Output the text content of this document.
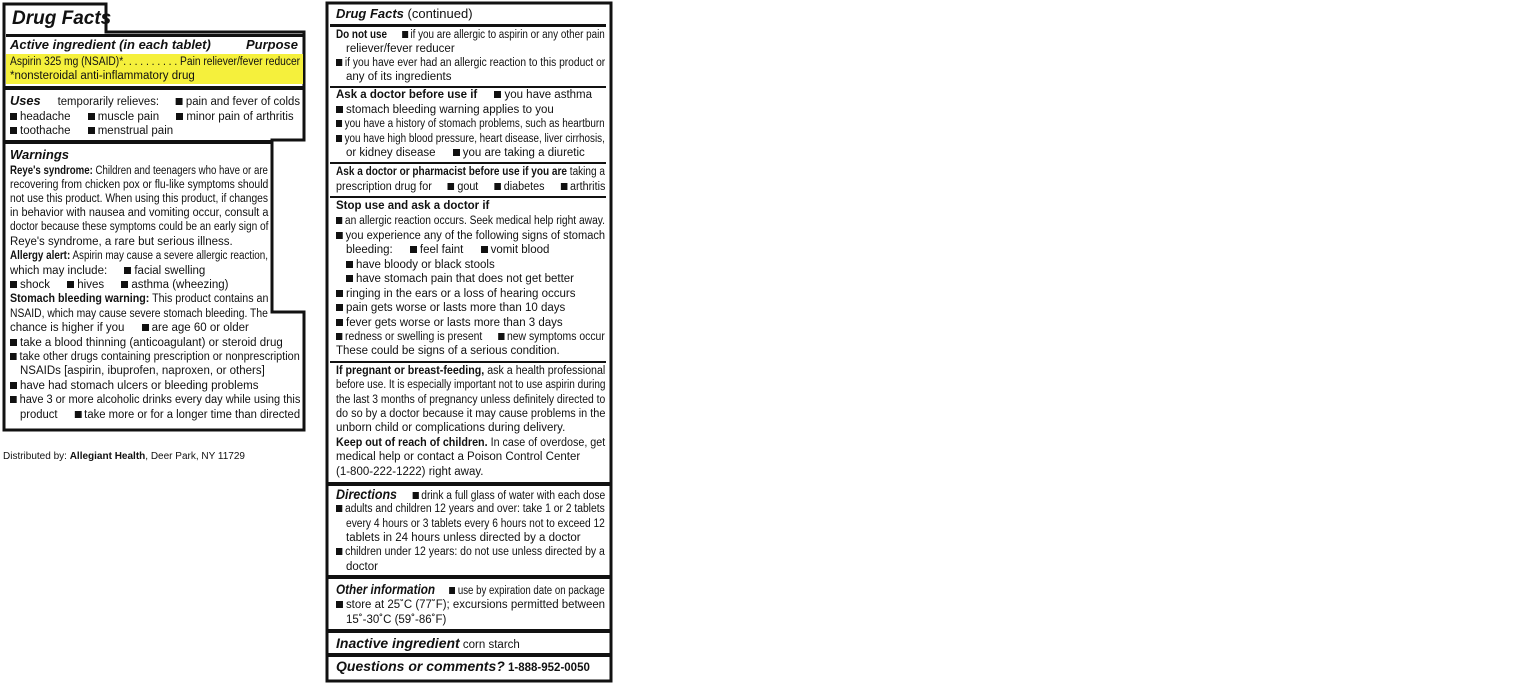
Drug Facts
Active ingredient (in each tablet)	Purpose
Aspirin 325 mg (NSAID)*. . . . . . . . . . Pain reliever/fever reducer
*nonsteroidal anti-inflammatory drug
Uses temporarily relieves: pain and fever of colds
headache muscle pain minor pain of arthritis
toothache menstrual pain
Warnings
Reye's syndrome: Children and teenagers who have or are
recovering from chicken pox or flu-like symptoms should
not use this product. When using this product, if changes
in behavior with nausea and vomiting occur, consult a
doctor because these symptoms could be an early sign of
Reye's syndrome, a rare but serious illness.
Allergy alert: Aspirin may cause a severe allergic reaction,
which may include: facial swelling
shock hives asthma (wheezing)
Stomach bleeding warning: This product contains an
NSAID, which may cause severe stomach bleeding. The
chance is higher if you are age 60 or older
take a blood thinning (anticoagulant) or steroid drug
take other drugs containing prescription or nonprescription
NSAIDs [aspirin, ibuprofen, naproxen, or others]
have had stomach ulcers or bleeding problems
have 3 or more alcoholic drinks every day while using this
product take more or for a longer time than directed
Distributed by: Allegiant Health, Deer Park, NY 11729
Drug Facts (continued)
Do not use if you are allergic to aspirin or any other pain
reliever/fever reducer
if you have ever had an allergic reaction to this product or
any of its ingredients
Ask a doctor before use if you have asthma
stomach bleeding warning applies to you
you have a history of stomach problems, such as heartburn
you have high blood pressure, heart disease, liver cirrhosis,
or kidney disease you are taking a diuretic
Ask a doctor or pharmacist before use if you are taking a
prescription drug for gout diabetes arthritis
Stop use and ask a doctor if
an allergic reaction occurs. Seek medical help right away.
you experience any of the following signs of stomach
bleeding: feel faint vomit blood
have bloody or black stools
have stomach pain that does not get better
ringing in the ears or a loss of hearing occurs
pain gets worse or lasts more than 10 days
fever gets worse or lasts more than 3 days
redness or swelling is present new symptoms occur
These could be signs of a serious condition.
If pregnant or breast-feeding, ask a health professional
before use. It is especially important not to use aspirin during
the last 3 months of pregnancy unless definitely directed to
do so by a doctor because it may cause problems in the
unborn child or complications during delivery.
Keep out of reach of children. In case of overdose, get
medical help or contact a Poison Control Center
(1-800-222-1222) right away.
Directions drink a full glass of water with each dose
adults and children 12 years and over: take 1 or 2 tablets
every 4 hours or 3 tablets every 6 hours not to exceed 12
tablets in 24 hours unless directed by a doctor
children under 12 years: do not use unless directed by a
doctor
Other information use by expiration date on package
store at 25˚C (77˚F); excursions permitted between
15˚-30˚C (59˚-86˚F)
Inactive ingredient corn starch
Questions or comments? 1-888-952-0050
